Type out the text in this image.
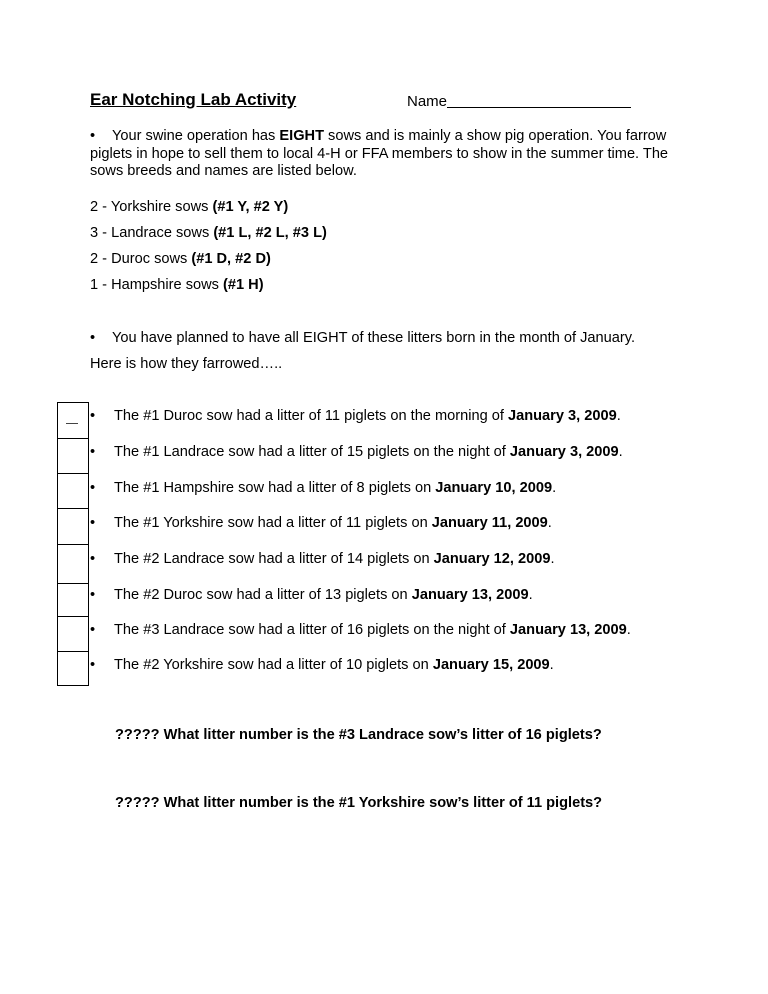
Ear Notching Lab Activity	Name
• Your swine operation has EIGHT sows and is mainly a show pig operation. You farrow piglets in hope to sell them to local 4-H or FFA members to show in the summer time. The sows breeds and names are listed below.
2 - Yorkshire sows (#1 Y, #2 Y)
3 - Landrace sows (#1 L, #2 L, #3 L)
2 - Duroc sows (#1 D, #2 D)
1 - Hampshire sows (#1 H)
• You have planned to have all EIGHT of these litters born in the month of January.
Here is how they farrowed…..
• The #1 Duroc sow had a litter of 11 piglets on the morning of January 3, 2009.
• The #1 Landrace sow had a litter of 15 piglets on the night of January 3, 2009.
• The #1 Hampshire sow had a litter of 8 piglets on January 10, 2009.
• The #1 Yorkshire sow had a litter of 11 piglets on January 11, 2009.
• The #2 Landrace sow had a litter of 14 piglets on January 12, 2009.
• The #2 Duroc sow had a litter of 13 piglets on January 13, 2009.
• The #3 Landrace sow had a litter of 16 piglets on the night of January 13, 2009.
• The #2 Yorkshire sow had a litter of 10 piglets on January 15, 2009.
????? What litter number is the #3 Landrace sow’s litter of 16 piglets?
????? What litter number is the #1 Yorkshire sow’s litter of 11 piglets?
